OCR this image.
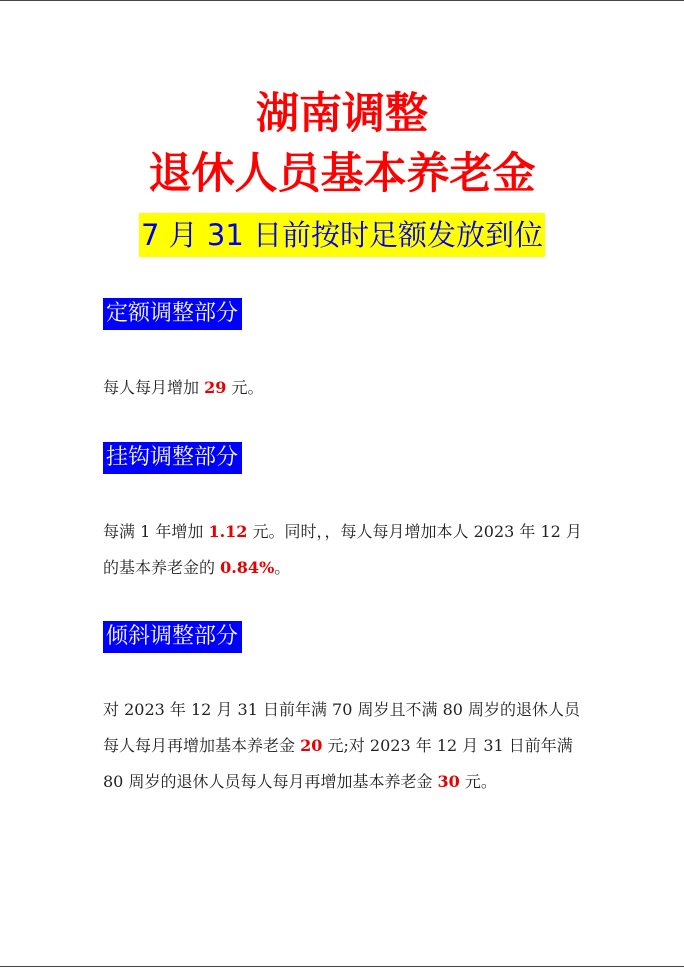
湖南调整
退休人员基本养老金
7 月 31 日前按时足额发放到位
定额调整部分

每人每月增加 29 元。

挂钩调整部分

每满 1 年增加 1.12 元。同时，，每人每月增加本人 2023 年 12 月的基本养老金的 0.84%。

倾斜调整部分

对 2023 年 12 月 31 日前年满 70 周岁且不满 80 周岁的退休人员每人每月再增加基本养老金 20 元;对 2023 年 12 月 31 日前年满 80 周岁的退休人员每人每月再增加基本养老金 30 元。
